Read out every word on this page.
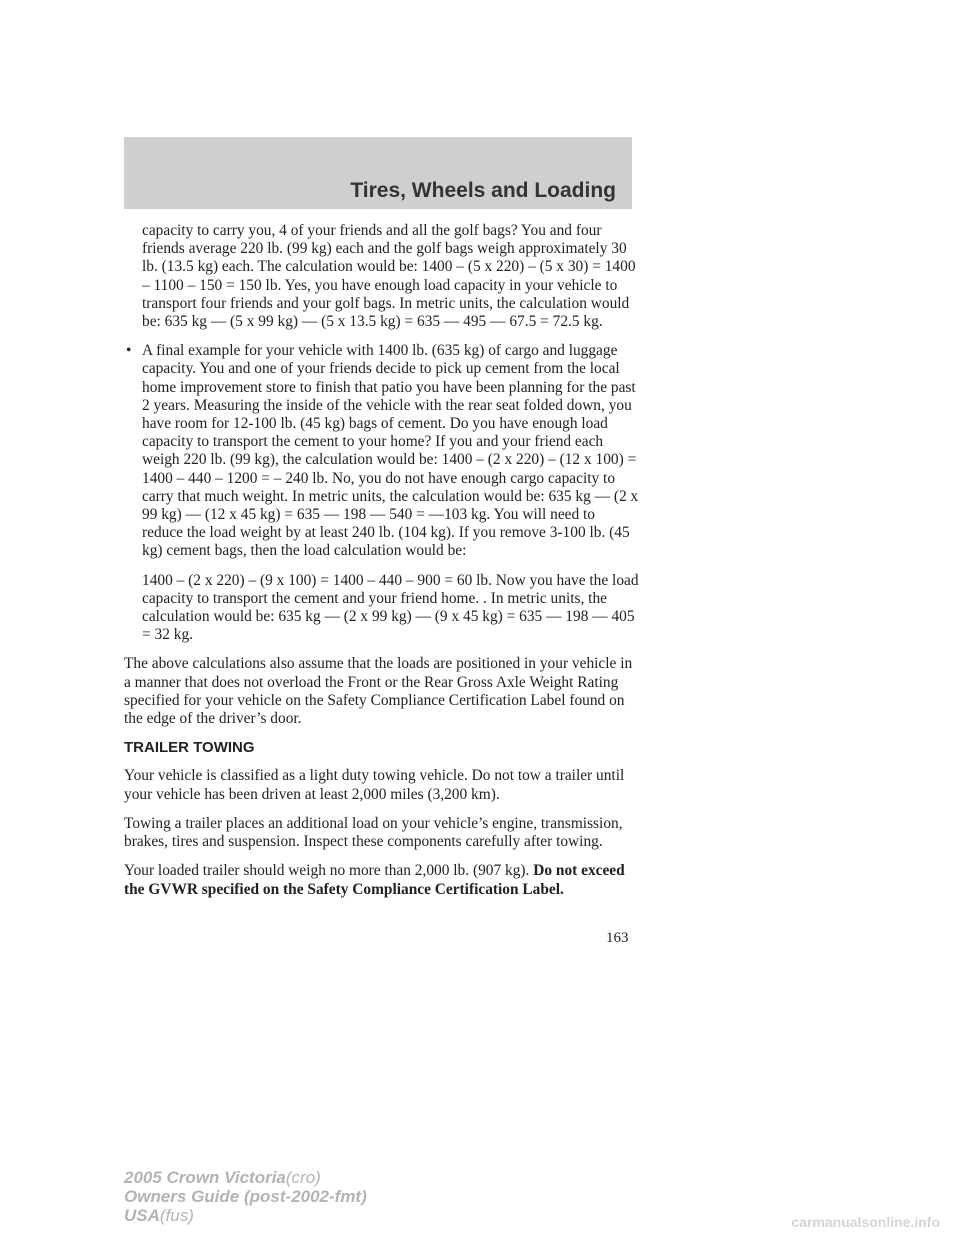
Tires, Wheels and Loading

capacity to carry you, 4 of your friends and all the golf bags? You and four friends average 220 lb. (99 kg) each and the golf bags weigh approximately 30 lb. (13.5 kg) each. The calculation would be: 1400 – (5 x 220) – (5 x 30) = 1400 – 1100 – 150 = 150 lb. Yes, you have enough load capacity in your vehicle to transport four friends and your golf bags. In metric units, the calculation would be: 635 kg — (5 x 99 kg) — (5 x 13.5 kg) = 635 — 495 — 67.5 = 72.5 kg.

• A final example for your vehicle with 1400 lb. (635 kg) of cargo and luggage capacity. You and one of your friends decide to pick up cement from the local home improvement store to finish that patio you have been planning for the past 2 years. Measuring the inside of the vehicle with the rear seat folded down, you have room for 12-100 lb. (45 kg) bags of cement. Do you have enough load capacity to transport the cement to your home? If you and your friend each weigh 220 lb. (99 kg), the calculation would be: 1400 – (2 x 220) – (12 x 100) = 1400 – 440 – 1200 = – 240 lb. No, you do not have enough cargo capacity to carry that much weight. In metric units, the calculation would be: 635 kg — (2 x 99 kg) — (12 x 45 kg) = 635 — 198 — 540 = —103 kg. You will need to reduce the load weight by at least 240 lb. (104 kg). If you remove 3-100 lb. (45 kg) cement bags, then the load calculation would be:

1400 – (2 x 220) – (9 x 100) = 1400 – 440 – 900 = 60 lb. Now you have the load capacity to transport the cement and your friend home. . In metric units, the calculation would be: 635 kg — (2 x 99 kg) — (9 x 45 kg) = 635 — 198 — 405 = 32 kg.

The above calculations also assume that the loads are positioned in your vehicle in a manner that does not overload the Front or the Rear Gross Axle Weight Rating specified for your vehicle on the Safety Compliance Certification Label found on the edge of the driver’s door.

TRAILER TOWING

Your vehicle is classified as a light duty towing vehicle. Do not tow a trailer until your vehicle has been driven at least 2,000 miles (3,200 km).

Towing a trailer places an additional load on your vehicle’s engine, transmission, brakes, tires and suspension. Inspect these components carefully after towing.

Your loaded trailer should weigh no more than 2,000 lb. (907 kg). Do not exceed the GVWR specified on the Safety Compliance Certification Label.

163
2005 Crown Victoria(cro)
Owners Guide (post-2002-fmt)
USA(fus)	carmanualsonline.info
